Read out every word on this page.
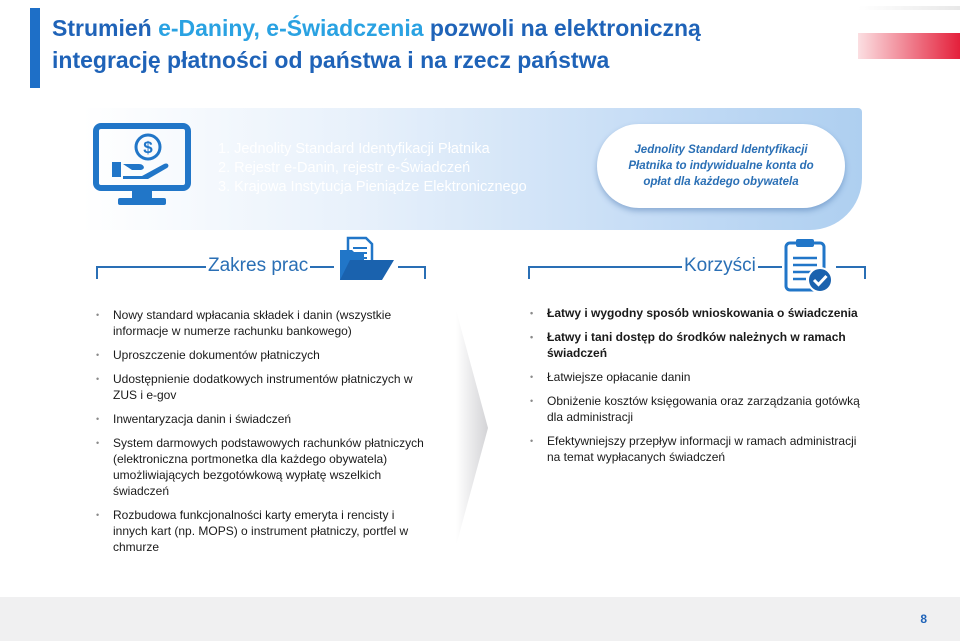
Strumień e-Daniny, e-Świadczenia pozwoli na elektroniczną integrację płatności od państwa i na rzecz państwa
$	1. Jednolity Standard Identyfikacji Płatnika
2. Rejestr e-Danin, rejestr e-Świadczeń
3. Krajowa Instytucja Pieniądze Elektronicznego
Jednolity Standard Identyfikacji Płatnika to indywidualne konta do opłat dla każdego obywatela
Zakres prac	Korzyści
• Nowy standard wpłacania składek i danin (wszystkie informacje w numerze rachunku bankowego)
• Uproszczenie dokumentów płatniczych
• Udostępnienie dodatkowych instrumentów płatniczych w ZUS i e-gov
• Inwentaryzacja danin i świadczeń
• System darmowych podstawowych rachunków płatniczych (elektroniczna portmonetka dla każdego obywatela) umożliwiających bezgotówkową wypłatę wszelkich świadczeń
• Rozbudowa funkcjonalności karty emeryta i rencisty i innych kart (np. MOPS) o instrument płatniczy, portfel w chmurze
• Łatwy i wygodny sposób wnioskowania o świadczenia
• Łatwy i tani dostęp do środków należnych w ramach świadczeń
• Łatwiejsze opłacanie danin
• Obniżenie kosztów księgowania oraz zarządzania gotówką dla administracji
• Efektywniejszy przepływ informacji w ramach administracji na temat wypłacanych świadczeń
8
